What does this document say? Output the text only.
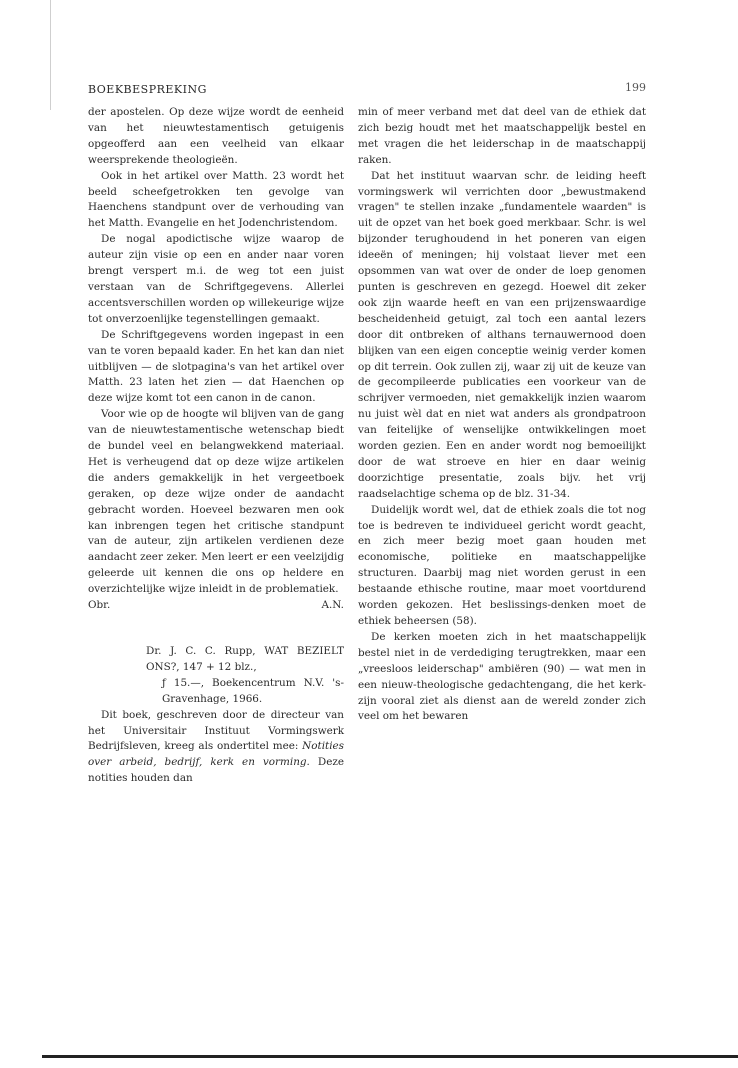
BOEKBESPREKING	199

der apostelen. Op deze wijze wordt de eenheid van het nieuwtestamentisch getuigenis opgeofferd aan een veelheid van elkaar weersprekende theologieën.

Ook in het artikel over Matth. 23 wordt het beeld scheefgetrokken ten gevolge van Haenchens standpunt over de verhouding van het Matth. Evangelie en het Jodenchristendom.

De nogal apodictische wijze waarop de auteur zijn visie op een en ander naar voren brengt verspert m.i. de weg tot een juist verstaan van de Schriftgegevens. Allerlei accentsverschillen worden op willekeurige wijze tot onverzoenlijke tegenstellingen gemaakt.

De Schriftgegevens worden ingepast in een van te voren bepaald kader. En het kan dan niet uitblijven — de slotpagina's van het artikel over Matth. 23 laten het zien — dat Haenchen op deze wijze komt tot een canon in de canon.

Voor wie op de hoogte wil blijven van de gang van de nieuwtestamentische wetenschap biedt de bundel veel en belangwekkend materiaal. Het is verheugend dat op deze wijze artikelen die anders gemakkelijk in het vergeetboek geraken, op deze wijze onder de aandacht gebracht worden. Hoeveel bezwaren men ook kan inbrengen tegen het critische standpunt van de auteur, zijn artikelen verdienen deze aandacht zeer zeker. Men leert er een veelzijdig geleerde uit kennen die ons op heldere en overzichtelijke wijze inleidt in de problematiek.

Obr.	A.N.
Dr. J. C. C. Rupp, WAT BEZIELT ONS?, 147 + 12 blz.,
ƒ 15.—, Boekencentrum N.V. 's-Gravenhage, 1966.

Dit boek, geschreven door de directeur van het Universitair Instituut Vormingswerk Bedrijfsleven, kreeg als ondertitel mee: Notities over arbeid, bedrijf, kerk en vorming. Deze notities houden dan

min of meer verband met dat deel van de ethiek dat zich bezig houdt met het maatschappelijk bestel en met vragen die het leiderschap in de maatschappij raken.

Dat het instituut waarvan schr. de leiding heeft vormingswerk wil verrichten door „bewustmakend vragen" te stellen inzake „fundamentele waarden" is uit de opzet van het boek goed merkbaar. Schr. is wel bijzonder terughoudend in het poneren van eigen ideeën of meningen; hij volstaat liever met een opsommen van wat over de onder de loep genomen punten is geschreven en gezegd. Hoewel dit zeker ook zijn waarde heeft en van een prijzenswaardige bescheidenheid getuigt, zal toch een aantal lezers door dit ontbreken of althans ternauwernood doen blijken van een eigen conceptie weinig verder komen op dit terrein. Ook zullen zij, waar zij uit de keuze van de gecompileerde publicaties een voorkeur van de schrijver vermoeden, niet gemakkelijk inzien waarom nu juist wèl dat en niet wat anders als grondpatroon van feitelijke of wenselijke ontwikkelingen moet worden gezien. Een en ander wordt nog bemoeilijkt door de wat stroeve en hier en daar weinig doorzichtige presentatie, zoals bijv. het vrij raadselachtige schema op de blz. 31-34.

Duidelijk wordt wel, dat de ethiek zoals die tot nog toe is bedreven te individueel gericht wordt geacht, en zich meer bezig moet gaan houden met economische, politieke en maatschappelijke structuren. Daarbij mag niet worden gerust in een bestaande ethische routine, maar moet voortdurend worden gekozen. Het beslissings-denken moet de ethiek beheersen (58).

De kerken moeten zich in het maatschappelijk bestel niet in de verdediging terugtrekken, maar een „vreesloos leiderschap" ambiëren (90) — wat men in een nieuw-theologische gedachtengang, die het kerk-zijn vooral ziet als dienst aan de wereld zonder zich veel om het bewaren
